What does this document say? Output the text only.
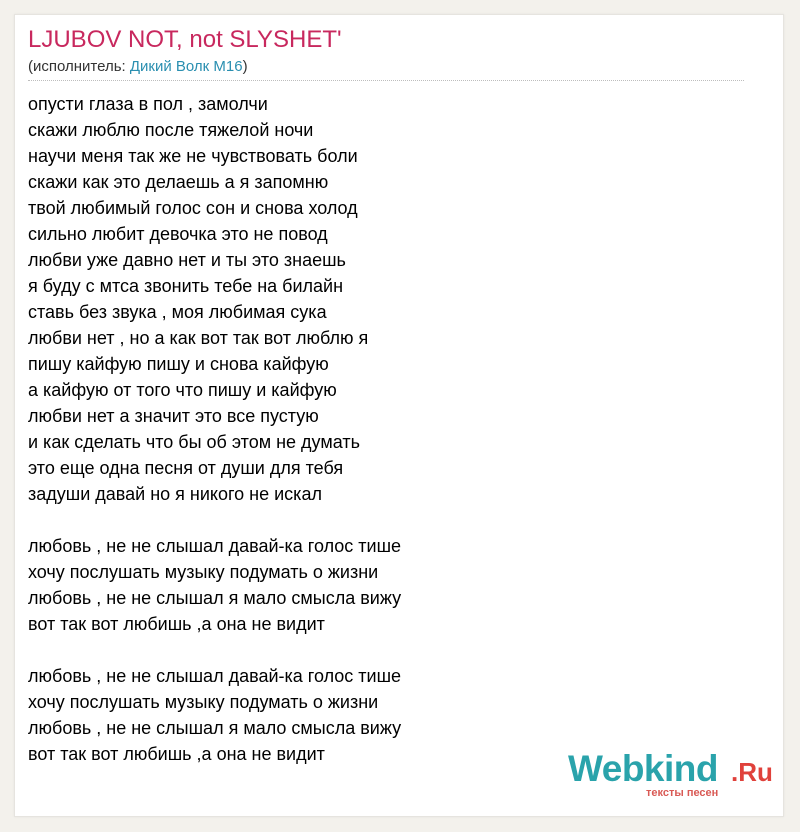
LJUBOV NOT, not SLYSHET'
(исполнитель: Дикий Волк М16)
опусти глаза в пол , замолчи
скажи люблю после тяжелой ночи
научи меня так же не чувствовать боли
скажи как это делаешь а я запомню
твой любимый голос сон и снова холод
сильно любит девочка это не повод
любви уже давно нет и ты это знаешь
я буду с мтса звонить тебе на билайн
ставь без звука , моя любимая сука
любви нет , но а как вот так вот люблю я
пишу кайфую пишу и снова кайфую
а кайфую от того что пишу и кайфую
любви нет а значит это все пустую
и как сделать что бы об этом не думать
это еще одна песня от души для тебя
задуши давай но я никого не искал
любовь , не не слышал давай-ка голос тише
хочу послушать музыку подумать о жизни
любовь , не не слышал я мало смысла вижу
вот так вот любишь ,а она не видит
любовь , не не слышал давай-ка голос тише
хочу послушать музыку подумать о жизни
любовь , не не слышал я мало смысла вижу
вот так вот любишь ,а она не видит	Webkind .Ru
тексты песен
